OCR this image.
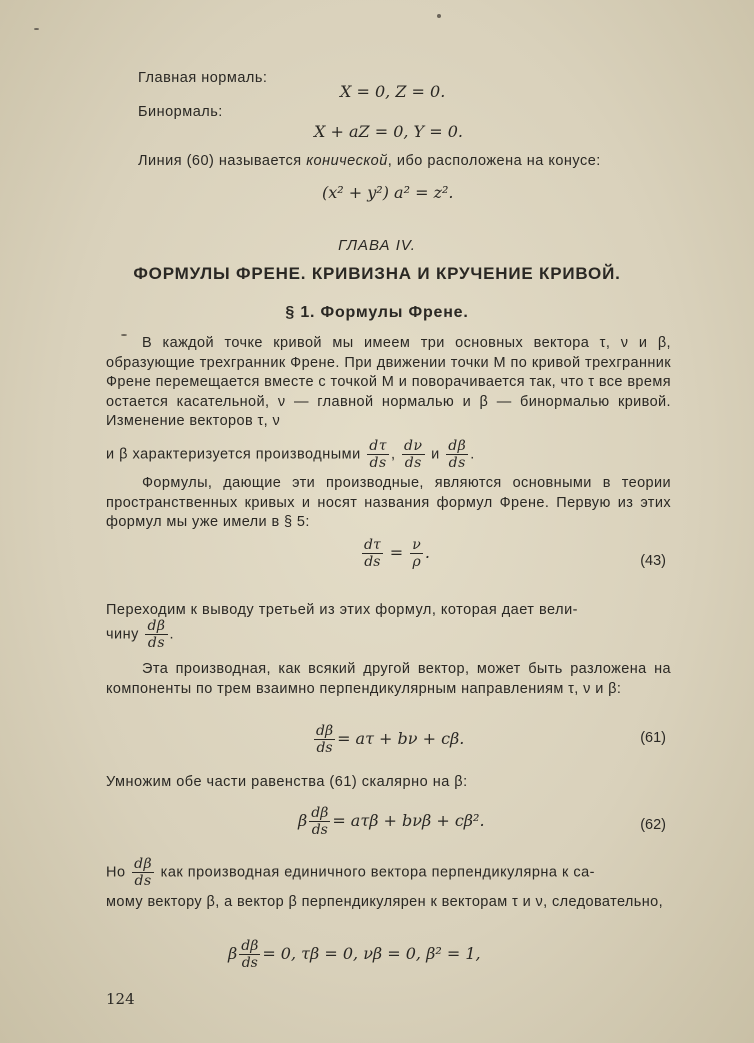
Главная нормаль:
X = 0, Z = 0.
Бинормаль:
X + aZ = 0, Y = 0.
Линия (60) называется конической, ибо расположена на конусе:
(x² + y²) a² = z².
ГЛАВА IV.
ФОРМУЛЫ ФРЕНЕ. КРИВИЗНА И КРУЧЕНИЕ КРИВОЙ.
§ 1. Формулы Френе.
В каждой точке кривой мы имеем три основных вектора τ, ν и β, образующие трехгранник Френе. При движении точки M по кривой трехгранник Френе перемещается вместе с точкой M и поворачивается так, что τ все время остается касательной, ν — главной нормалью и β — бинормалью кривой. Изменение векторов τ, ν
и β характеризуется производными $\frac{d\tau}{ds}$ , $\frac{d\nu}{ds}$ и $\frac{d\beta}{ds}$ .
Формулы, дающие эти производные, являются основными в теории пространственных кривых и носят названия формул Френе. Первую из этих формул мы уже имели в § 5:
$\frac{d\tau}{ds} = \frac{\nu}{\rho}$ .	(43)
Переходим к выводу третьей из этих формул, которая дает вели-
чину $\frac{d\beta}{ds}$ .
Эта производная, как всякий другой вектор, может быть разложена на компоненты по трем взаимно перпендикулярным направлениям τ, ν и β:
$\frac{d\beta}{ds} = a\tau + b\nu + c\beta$.	(61)
Умножим обе части равенства (61) скалярно на β:
β $\frac{d\beta}{ds} = a\tau\beta + b\nu\beta + c\beta^2$.	(62)
Но $\frac{d\beta}{ds}$ как производная единичного вектора перпендикулярна к са-
мому вектору β, а вектор β перпендикулярен к векторам τ и ν, следовательно,
β $\frac{d\beta}{ds} = 0$, τβ = 0, νβ = 0, β² = 1,
124
